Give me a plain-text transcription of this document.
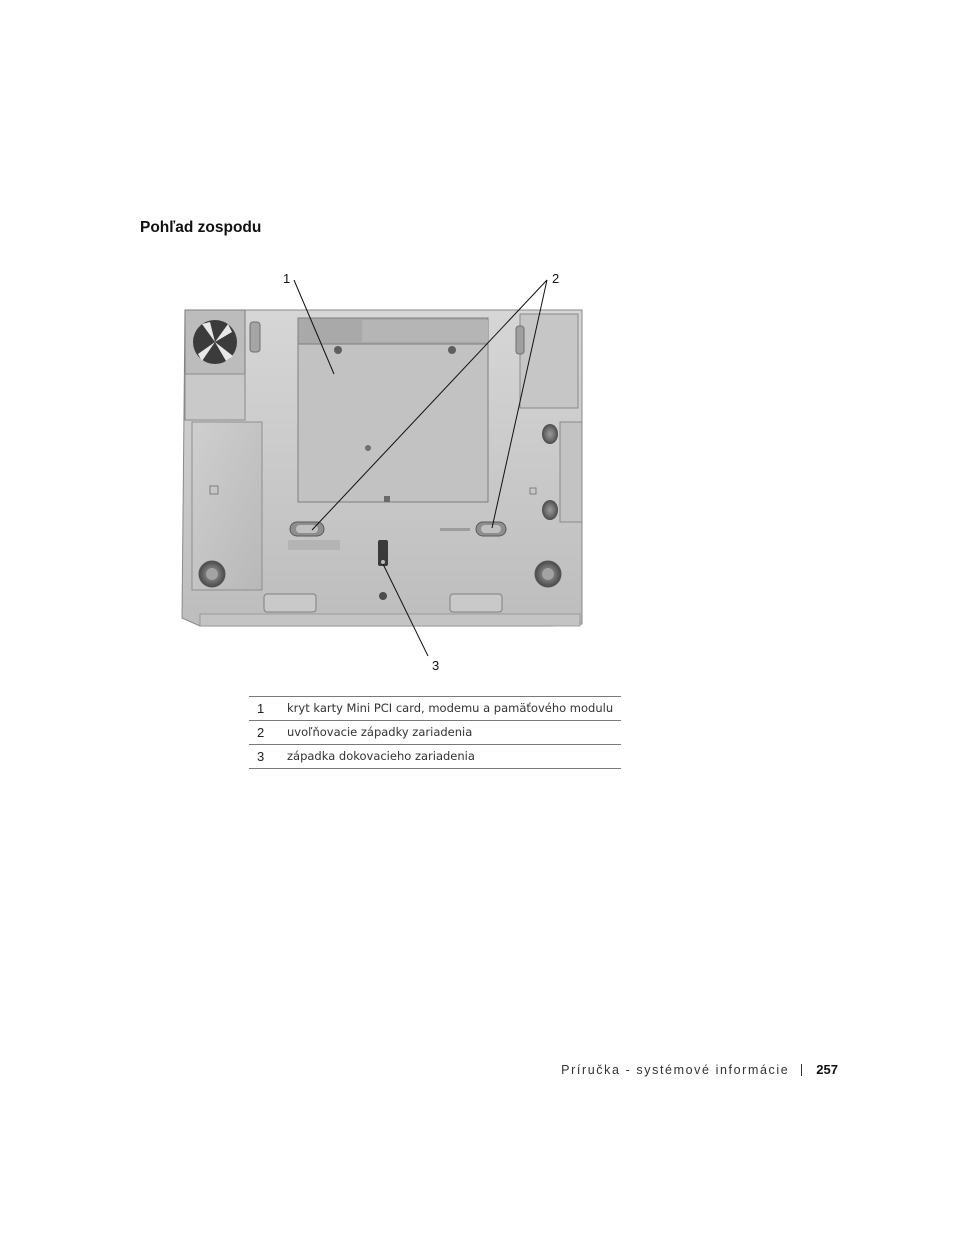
Pohľad zospodu
1	2
3
1	kryt karty Mini PCI card, modemu a pamäťového modulu
2	uvoľňovacie západky zariadenia
3	západka dokovacieho zariadenia
Príručka - systémové informácie 257
